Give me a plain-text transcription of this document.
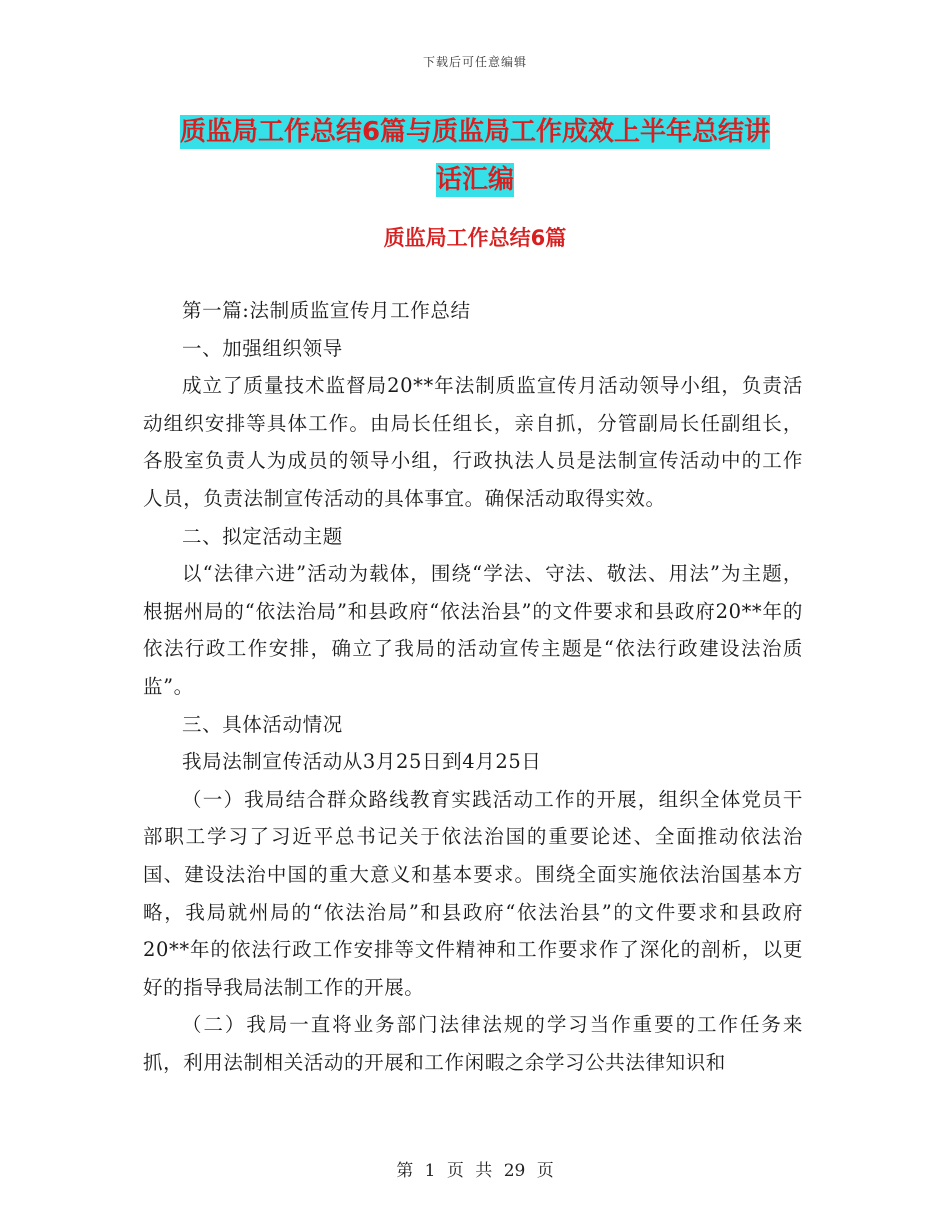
下载后可任意编辑
质监局工作总结6篇与质监局工作成效上半年总结讲
话汇编
质监局工作总结6篇

第一篇:法制质监宣传月工作总结

一、加强组织领导

成立了质量技术监督局20**年法制质监宣传月活动领导小组，负责活动组织安排等具体工作。由局长任组长，亲自抓，分管副局长任副组长，各股室负责人为成员的领导小组，行政执法人员是法制宣传活动中的工作人员，负责法制宣传活动的具体事宜。确保活动取得实效。

二、拟定活动主题

以“法律六进”活动为载体，围绕“学法、守法、敬法、用法”为主题，根据州局的“依法治局”和县政府“依法治县”的文件要求和县政府20**年的依法行政工作安排，确立了我局的活动宣传主题是“依法行政建设法治质监”。

三、具体活动情况

我局法制宣传活动从3月25日到4月25日

（一）我局结合群众路线教育实践活动工作的开展，组织全体党员干部职工学习了习近平总书记关于依法治国的重要论述、全面推动依法治国、建设法治中国的重大意义和基本要求。围绕全面实施依法治国基本方略，我局就州局的“依法治局”和县政府“依法治县”的文件要求和县政府20**年的依法行政工作安排等文件精神和工作要求作了深化的剖析，以更好的指导我局法制工作的开展。

（二）我局一直将业务部门法律法规的学习当作重要的工作任务来抓，利用法制相关活动的开展和工作闲暇之余学习公共法律知识和

第 1 页 共 29 页
